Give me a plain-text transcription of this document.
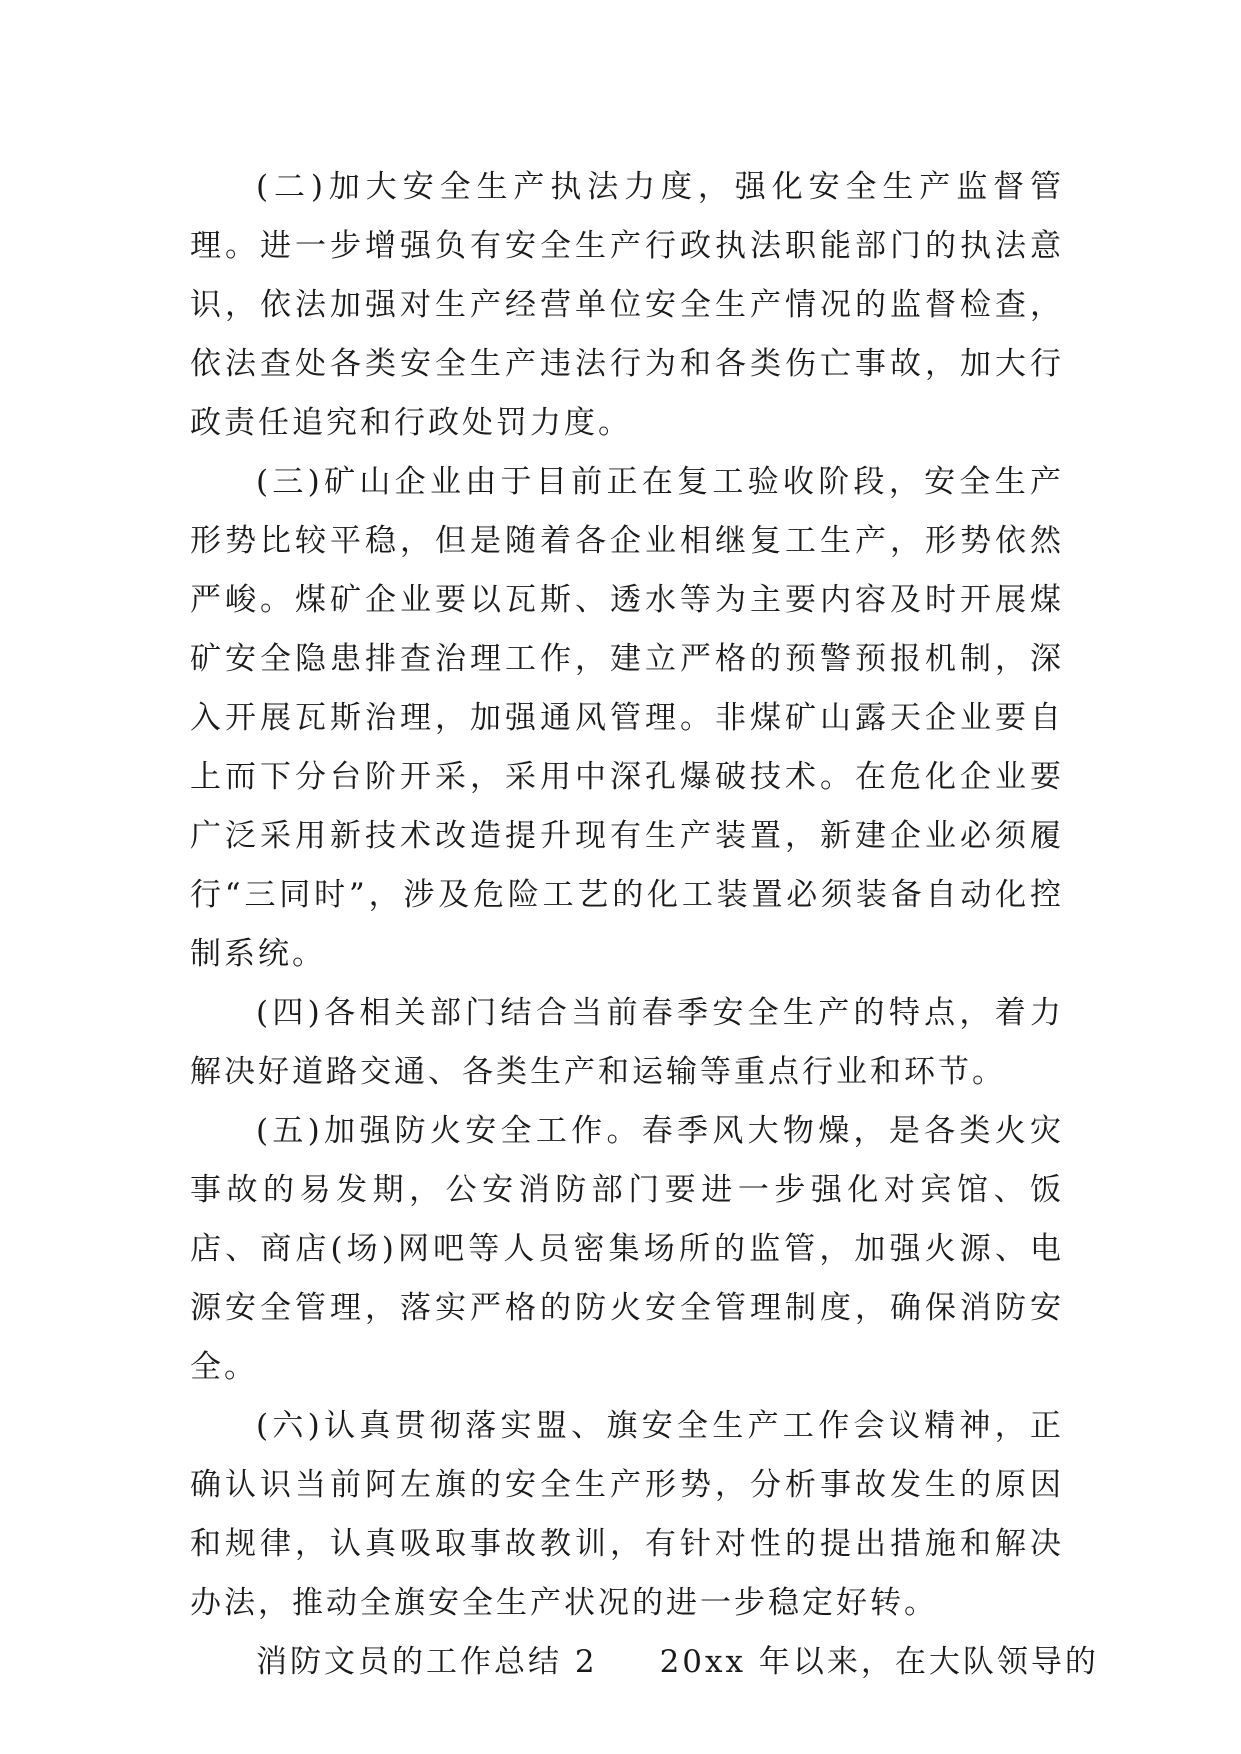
(二)加大安全生产执法力度，强化安全生产监督管理。进一步增强负有安全生产行政执法职能部门的执法意识，依法加强对生产经营单位安全生产情况的监督检查，依法查处各类安全生产违法行为和各类伤亡事故，加大行政责任追究和行政处罚力度。

(三)矿山企业由于目前正在复工验收阶段，安全生产形势比较平稳，但是随着各企业相继复工生产，形势依然严峻。煤矿企业要以瓦斯、透水等为主要内容及时开展煤矿安全隐患排查治理工作，建立严格的预警预报机制，深入开展瓦斯治理，加强通风管理。非煤矿山露天企业要自上而下分台阶开采，采用中深孔爆破技术。在危化企业要广泛采用新技术改造提升现有生产装置，新建企业必须履行“三同时”，涉及危险工艺的化工装置必须装备自动化控制系统。

(四)各相关部门结合当前春季安全生产的特点，着力解决好道路交通、各类生产和运输等重点行业和环节。

(五)加强防火安全工作。春季风大物燥，是各类火灾事故的易发期，公安消防部门要进一步强化对宾馆、饭店、商店(场)网吧等人员密集场所的监管，加强火源、电源安全管理，落实严格的防火安全管理制度，确保消防安全。

(六)认真贯彻落实盟、旗安全生产工作会议精神，正确认识当前阿左旗的安全生产形势，分析事故发生的原因和规律，认真吸取事故教训，有针对性的提出措施和解决办法，推动全旗安全生产状况的进一步稳定好转。

消防文员的工作总结 2 20xx 年以来，在大队领导的
